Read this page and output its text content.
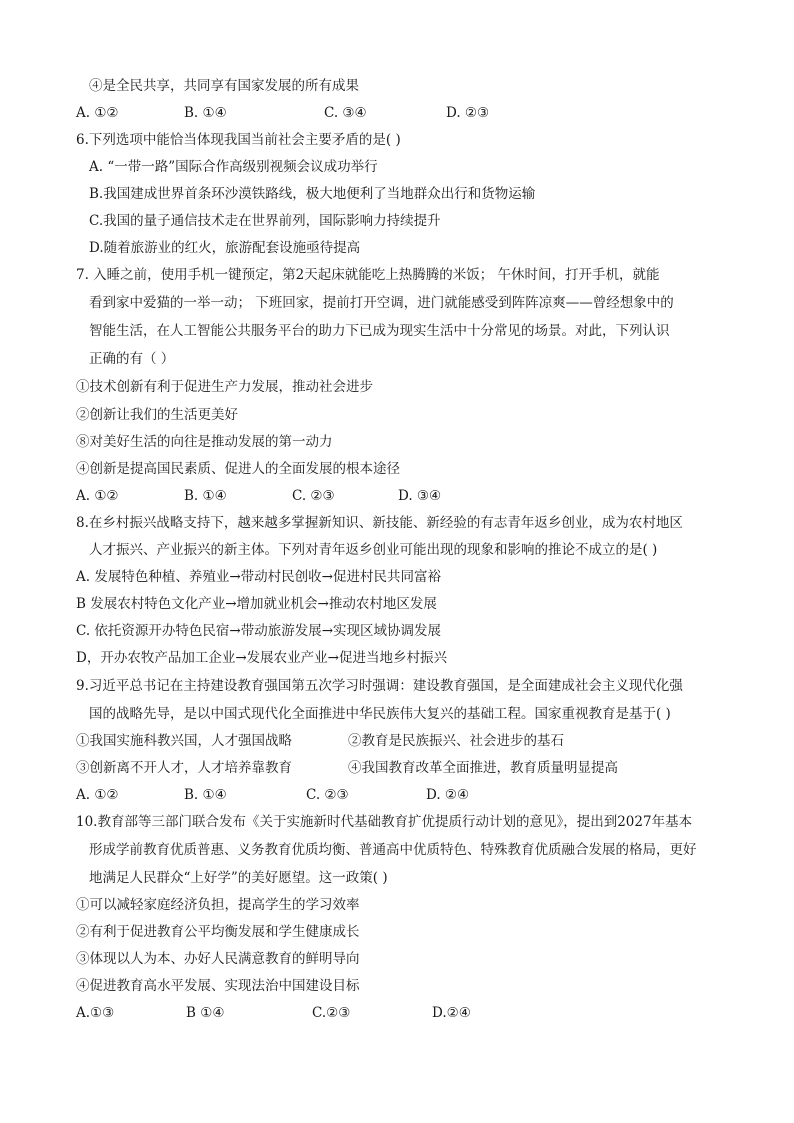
④是全民共享，共同享有国家发展的所有成果
A. ①②	B. ①④	C. ③④	D. ②③
6.下列选项中能恰当体现我国当前社会主要矛盾的是( )
A. “一带一路”国际合作高级别视频会议成功举行
B.我国建成世界首条环沙漠铁路线，极大地便利了当地群众出行和货物运输
C.我国的量子通信技术走在世界前列，国际影响力持续提升
D.随着旅游业的红火，旅游配套设施亟待提高
7. 入睡之前，使用手机一键预定，第2天起床就能吃上热腾腾的米饭； 午休时间，打开手机，就能
看到家中爱猫的一举一动； 下班回家，提前打开空调，进门就能感受到阵阵凉爽——曾经想象中的
智能生活，在人工智能公共服务平台的助力下已成为现实生活中十分常见的场景。对此，下列认识
正确的有（ ）
①技术创新有利于促进生产力发展，推动社会进步
②创新让我们的生活更美好
⑧对美好生活的向往是推动发展的第一动力
④创新是提高国民素质、促进人的全面发展的根本途径
A. ①②	B. ①④	C. ②③	D. ③④
8.在乡村振兴战略支持下，越来越多掌握新知识、新技能、新经验的有志青年返乡创业，成为农村地区
人才振兴、产业振兴的新主体。下列对青年返乡创业可能出现的现象和影响的推论不成立的是( )
A. 发展特色种植、养殖业→带动村民创收→促进村民共同富裕
B 发展农村特色文化产业→增加就业机会→推动农村地区发展
C. 依托资源开办特色民宿→带动旅游发展→实现区域协调发展
D，开办农牧产品加工企业→发展农业产业→促进当地乡村振兴
9.习近平总书记在主持建设教育强国第五次学习时强调：建设教育强国，是全面建成社会主义现代化强
国的战略先导，是以中国式现代化全面推进中华民族伟大复兴的基础工程。国家重视教育是基于( )
①我国实施科教兴国，人才强国战略	②教育是民族振兴、社会进步的基石
③创新离不开人才，人才培养靠教育	④我国教育改革全面推进，教育质量明显提高
A. ①②	B. ①④	C. ②③	D. ②④
10.教育部等三部门联合发布《关于实施新时代基础教育扩优提质行动计划的意见》，提出到2027年基本
形成学前教育优质普惠、义务教育优质均衡、普通高中优质特色、特殊教育优质融合发展的格局，更好
地满足人民群众“上好学”的美好愿望。这一政策( )
①可以减轻家庭经济负担，提高学生的学习效率
②有利于促进教育公平均衡发展和学生健康成长
③体现以人为本、办好人民满意教育的鲜明导向
④促进教育高水平发展、实现法治中国建设目标
A.①③	B ①④	C.②③	D.②④
